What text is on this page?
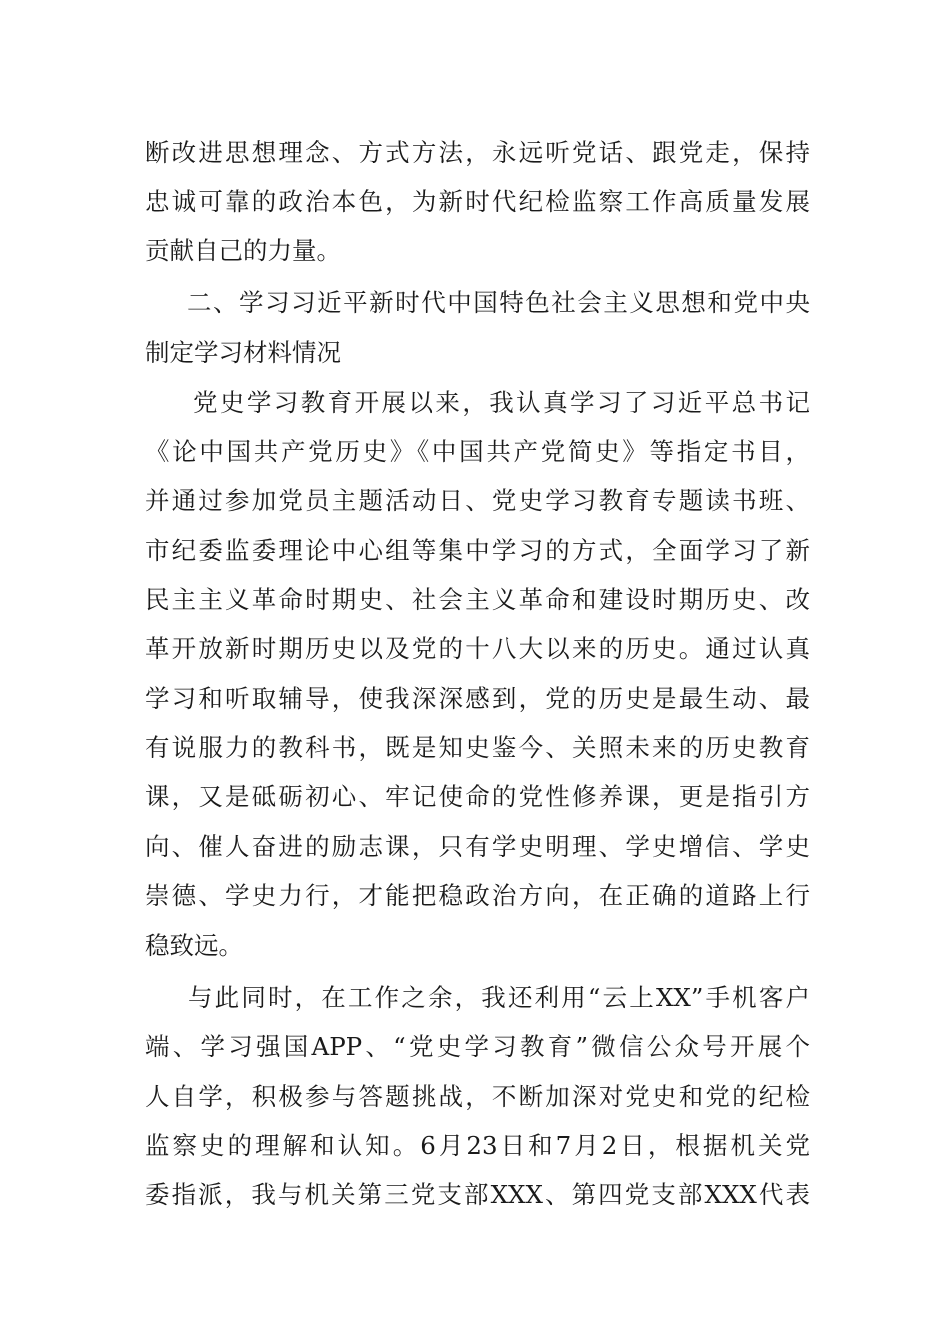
断改进思想理念、方式方法，永远听党话、跟党走，保持
忠诚可靠的政治本色，为新时代纪检监察工作高质量发展
贡献自己的力量。
二、学习习近平新时代中国特色社会主义思想和党中央
制定学习材料情况
党史学习教育开展以来，我认真学习了习近平总书记
《论中国共产党历史》《中国共产党简史》等指定书目，
并通过参加党员主题活动日、党史学习教育专题读书班、
市纪委监委理论中心组等集中学习的方式，全面学习了新
民主主义革命时期史、社会主义革命和建设时期历史、改
革开放新时期历史以及党的十八大以来的历史。通过认真
学习和听取辅导，使我深深感到，党的历史是最生动、最
有说服力的教科书，既是知史鉴今、关照未来的历史教育
课，又是砥砺初心、牢记使命的党性修养课，更是指引方
向、催人奋进的励志课，只有学史明理、学史增信、学史
崇德、学史力行，才能把稳政治方向，在正确的道路上行
稳致远。
与此同时，在工作之余，我还利用“云上XX”手机客户
端、学习强国APP、“党史学习教育”微信公众号开展个
人自学，积极参与答题挑战，不断加深对党史和党的纪检
监察史的理解和认知。6月23日和7月2日，根据机关党
委指派，我与机关第三党支部XXX、第四党支部XXX代表
